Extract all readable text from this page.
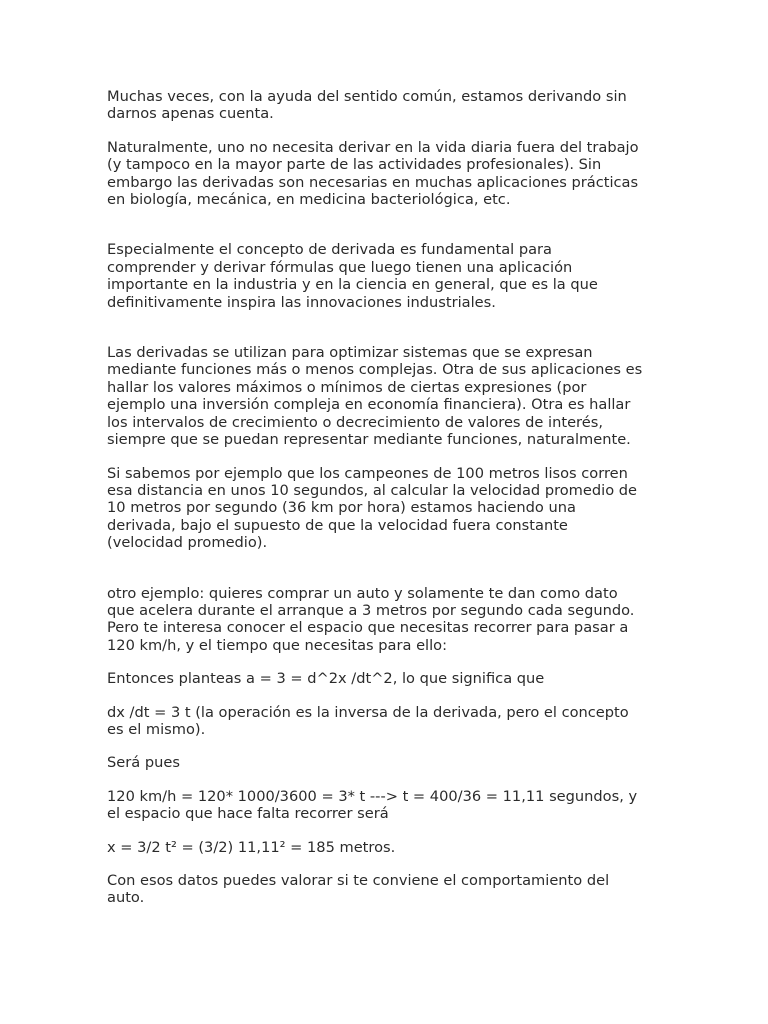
Muchas veces, con la ayuda del sentido común, estamos derivando sin
darnos apenas cuenta.

Naturalmente, uno no necesita derivar en la vida diaria fuera del trabajo
(y tampoco en la mayor parte de las actividades profesionales). Sin
embargo las derivadas son necesarias en muchas aplicaciones prácticas
en biología, mecánica, en medicina bacteriológica, etc.

Especialmente el concepto de derivada es fundamental para
comprender y derivar fórmulas que luego tienen una aplicación
importante en la industria y en la ciencia en general, que es la que
definitivamente inspira las innovaciones industriales.

Las derivadas se utilizan para optimizar sistemas que se expresan
mediante funciones más o menos complejas. Otra de sus aplicaciones es
hallar los valores máximos o mínimos de ciertas expresiones (por
ejemplo una inversión compleja en economía financiera). Otra es hallar
los intervalos de crecimiento o decrecimiento de valores de interés,
siempre que se puedan representar mediante funciones, naturalmente.

Si sabemos por ejemplo que los campeones de 100 metros lisos corren
esa distancia en unos 10 segundos, al calcular la velocidad promedio de
10 metros por segundo (36 km por hora) estamos haciendo una
derivada, bajo el supuesto de que la velocidad fuera constante
(velocidad promedio).

otro ejemplo: quieres comprar un auto y solamente te dan como dato
que acelera durante el arranque a 3 metros por segundo cada segundo.
Pero te interesa conocer el espacio que necesitas recorrer para pasar a
120 km/h, y el tiempo que necesitas para ello:

Entonces planteas a = 3 = d^2x /dt^2, lo que significa que

dx /dt = 3 t (la operación es la inversa de la derivada, pero el concepto
es el mismo).

Será pues

120 km/h = 120* 1000/3600 = 3* t ---> t = 400/36 = 11,11 segundos, y
el espacio que hace falta recorrer será

x = 3/2 t² = (3/2) 11,11² = 185 metros.

Con esos datos puedes valorar si te conviene el comportamiento del
auto.
